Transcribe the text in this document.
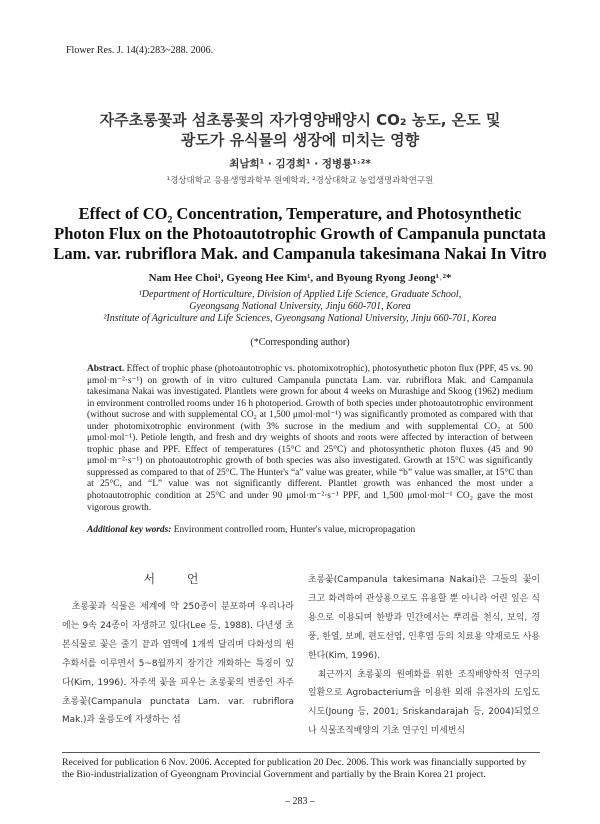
Flower Res. J. 14(4):283~288. 2006.
자주초롱꽃과 섬초롱꽃의 자가영양배양시 CO₂ 농도, 온도 및
광도가 유식물의 생장에 미치는 영향
최남희¹ · 김경희¹ · 정병룡¹˒²*
¹경상대학교 응용생명과학부 원예학과, ²경상대학교 농업생명과학연구원
Effect of CO₂ Concentration, Temperature, and Photosynthetic
Photon Flux on the Photoautotrophic Growth of Campanula punctata
Lam. var. rubriflora Mak. and Campanula takesimana Nakai In Vitro
Nam Hee Choi¹, Gyeong Hee Kim¹, and Byoung Ryong Jeong¹˒²*
¹Department of Horticulture, Division of Applied Life Science, Graduate School,
Gyeongsang National University, Jinju 660-701, Korea
²Institute of Agriculture and Life Sciences, Gyeongsang National University, Jinju 660-701, Korea
(*Corresponding author)
Abstract. Effect of trophic phase (photoautotrophic vs. photomixotrophic), photosynthetic photon flux (PPF, 45 vs. 90 μmol·m⁻²·s⁻¹) on growth of in vitro cultured Campanula punctata Lam. var. rubriflora Mak. and Campanula takesimana Nakai was investigated. Plantlets were grown for about 4 weeks on Murashige and Skoog (1962) medium in environment controlled rooms under 16 h photoperiod. Growth of both species under photoautotrophic environment (without sucrose and with supplemental CO₂ at 1,500 μmol·mol⁻¹) was significantly promoted as compared with that under photomixotrophic environment (with 3% sucrose in the medium and with supplemental CO₂ at 500 μmol·mol⁻¹). Petiole length, and fresh and dry weights of shoots and roots were affected by interaction of between trophic phase and PPF. Effect of temperatures (15°C and 25°C) and photosynthetic photon fluxes (45 and 90 μmol·m⁻²·s⁻¹) on photoautotrophic growth of both species was also investigated. Growth at 15°C was significantly suppressed as compared to that of 25°C. The Hunter's “a” value was greater, while “b” value was smaller, at 15°C than at 25°C, and “L” value was not significantly different. Plantlet growth was enhanced the most under a photoautotrophic condition at 25°C and under 90 μmol·m⁻²·s⁻¹ PPF, and 1,500 μmol·mol⁻¹ CO₂ gave the most vigorous growth.
Additional key words: Environment controlled room, Hunter's value, micropropagation
서 언

초롱꽃과 식물은 세계에 약 250종이 분포하며 우리나라에는 9속 24종이 자생하고 있다(Lee 등, 1988). 다년생 초본식물로 꽃은 줄기 끝과 엽액에 1개씩 달리며 다화성의 원추화서를 이루면서 5~8월까지 장기간 개화하는 특징이 있다(Kim, 1996). 자주색 꽃을 피우는 초롱꽃의 변종인 자주초롱꽃(Campanula punctata Lam. var. rubriflora Mak.)과 울릉도에 자생하는 섬

초롱꽃(Campanula takesimana Nakai)은 그들의 꽃이 크고 화려하여 관상용으로도 유용할 뿐 아니라 어린 잎은 식용으로 이용되며 한방과 민간에서는 뿌리를 천식, 보익, 경풍, 한열, 보폐, 편도선염, 인후염 등의 치료용 약재로도 사용한다(Kim, 1996).

최근까지 초롱꽃의 원예화를 위한 조직배양학적 연구의 일환으로 Agrobacterium을 이용한 외래 유전자의 도입도 시도(Joung 등, 2001; Sriskandarajah 등, 2004)되었으나 식물조직배양의 기초 연구인 미세번식

Received for publication 6 Nov. 2006. Accepted for publication 20 Dec. 2006. This work was financially supported by the Bio-industrialization of Gyeongnam Provincial Government and partially by the Brain Korea 21 project.
– 283 –
